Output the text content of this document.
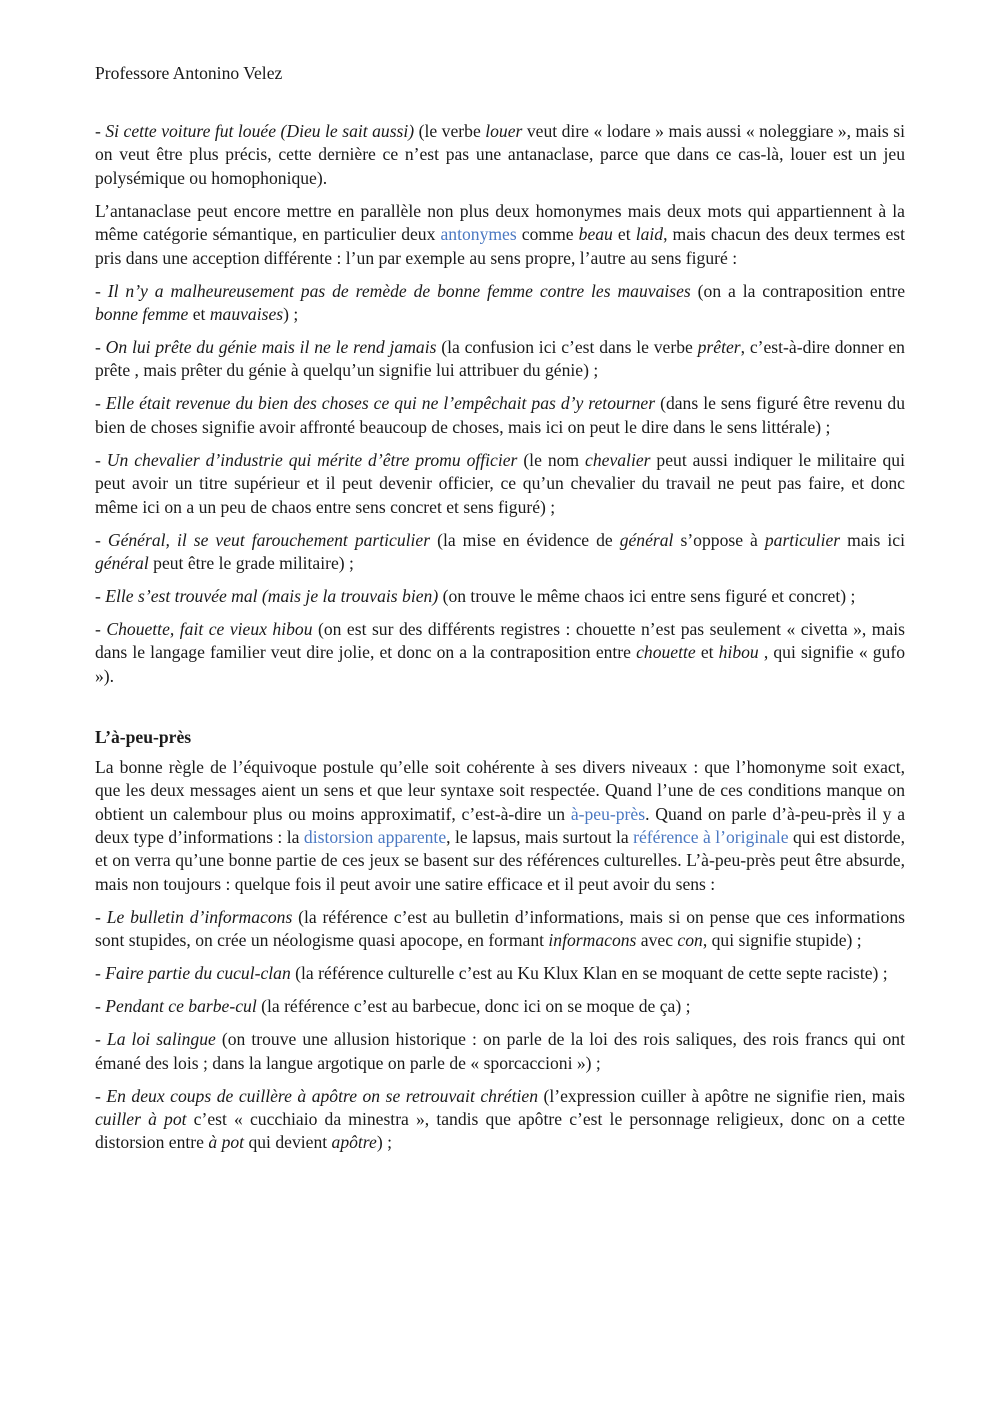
Professore Antonino Velez

- Si cette voiture fut louée (Dieu le sait aussi) (le verbe louer veut dire « lodare » mais aussi « noleggiare », mais si on veut être plus précis, cette dernière ce n’est pas une antanaclase, parce que dans ce cas-là, louer est un jeu polysémique ou homophonique).

L’antanaclase peut encore mettre en parallèle non plus deux homonymes mais deux mots qui appartiennent à la même catégorie sémantique, en particulier deux antonymes comme beau et laid, mais chacun des deux termes est pris dans une acception différente : l’un par exemple au sens propre, l’autre au sens figuré :

- Il n’y a malheureusement pas de remède de bonne femme contre les mauvaises (on a la contraposition entre bonne femme et mauvaises) ;

- On lui prête du génie mais il ne le rend jamais (la confusion ici c’est dans le verbe prêter, c’est-à-dire donner en prête , mais prêter du génie à quelqu’un signifie lui attribuer du génie) ;

- Elle était revenue du bien des choses ce qui ne l’empêchait pas d’y retourner (dans le sens figuré être revenu du bien de choses signifie avoir affronté beaucoup de choses, mais ici on peut le dire dans le sens littérale) ;

- Un chevalier d’industrie qui mérite d’être promu officier (le nom chevalier peut aussi indiquer le militaire qui peut avoir un titre supérieur et il peut devenir officier, ce qu’un chevalier du travail ne peut pas faire, et donc même ici on a un peu de chaos entre sens concret et sens figuré) ;

- Général, il se veut farouchement particulier (la mise en évidence de général s’oppose à particulier mais ici général peut être le grade militaire) ;

- Elle s’est trouvée mal (mais je la trouvais bien) (on trouve le même chaos ici entre sens figuré et concret) ;

- Chouette, fait ce vieux hibou (on est sur des différents registres : chouette n’est pas seulement « civetta », mais dans le langage familier veut dire jolie, et donc on a la contraposition entre chouette et hibou , qui signifie « gufo »).

L’à-peu-près

La bonne règle de l’équivoque postule qu’elle soit cohérente à ses divers niveaux : que l’homonyme soit exact, que les deux messages aient un sens et que leur syntaxe soit respectée. Quand l’une de ces conditions manque on obtient un calembour plus ou moins approximatif, c’est-à-dire un à-peu-près. Quand on parle d’à-peu-près il y a deux type d’informations : la distorsion apparente, le lapsus, mais surtout la référence à l’originale qui est distorde, et on verra qu’une bonne partie de ces jeux se basent sur des références culturelles. L’à-peu-près peut être absurde, mais non toujours : quelque fois il peut avoir une satire efficace et il peut avoir du sens :

- Le bulletin d’informacons (la référence c’est au bulletin d’informations, mais si on pense que ces informations sont stupides, on crée un néologisme quasi apocope, en formant informacons avec con, qui signifie stupide) ;

- Faire partie du cucul-clan (la référence culturelle c’est au Ku Klux Klan en se moquant de cette septe raciste) ;

- Pendant ce barbe-cul (la référence c’est au barbecue, donc ici on se moque de ça) ;

- La loi salingue (on trouve une allusion historique : on parle de la loi des rois saliques, des rois francs qui ont émané des lois ; dans la langue argotique on parle de « sporcaccioni ») ;

- En deux coups de cuillère à apôtre on se retrouvait chrétien (l’expression cuiller à apôtre ne signifie rien, mais cuiller à pot c’est « cucchiaio da minestra », tandis que apôtre c’est le personnage religieux, donc on a cette distorsion entre à pot qui devient apôtre) ;
